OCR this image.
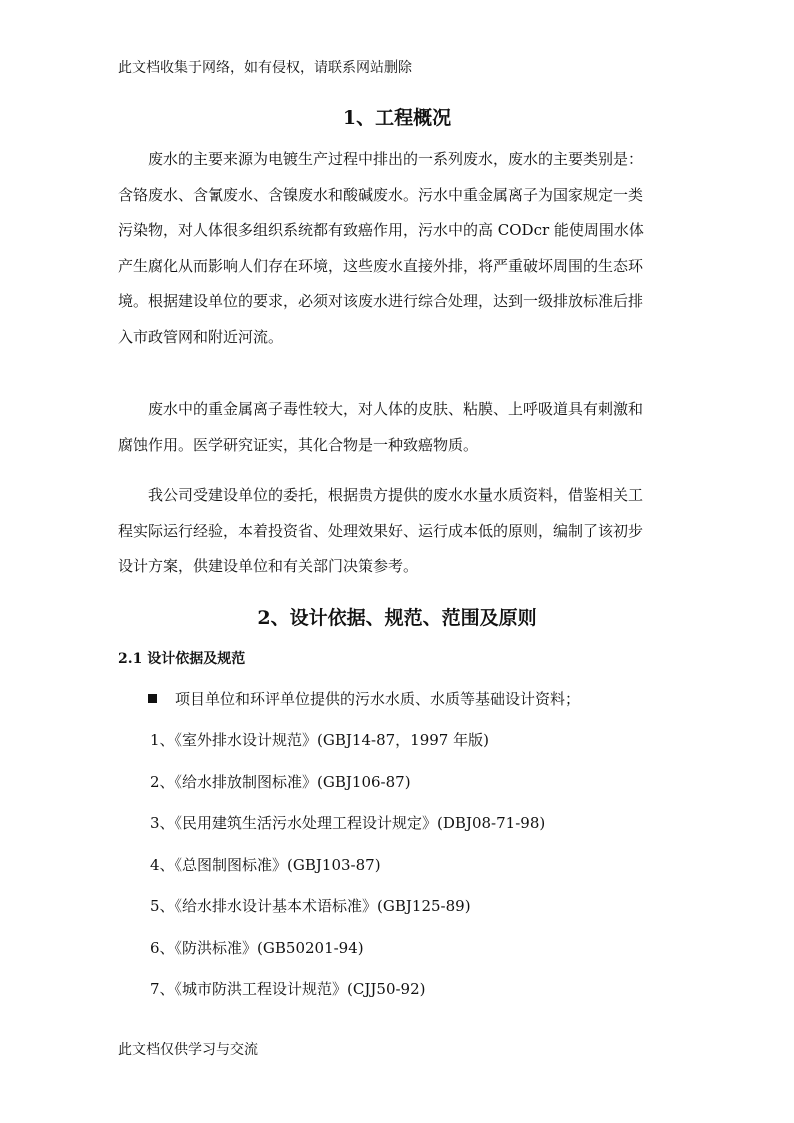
此文档收集于网络，如有侵权，请联系网站删除
1、工程概况
废水的主要来源为电镀生产过程中排出的一系列废水，废水的主要类别是：
含铬废水、含氰废水、含镍废水和酸碱废水。污水中重金属离子为国家规定一类
污染物，对人体很多组织系统都有致癌作用，污水中的高 CODcr 能使周围水体
产生腐化从而影响人们存在环境，这些废水直接外排，将严重破坏周围的生态环
境。根据建设单位的要求，必须对该废水进行综合处理，达到一级排放标准后排
入市政管网和附近河流。
废水中的重金属离子毒性较大，对人体的皮肤、粘膜、上呼吸道具有刺激和
腐蚀作用。医学研究证实，其化合物是一种致癌物质。
我公司受建设单位的委托，根据贵方提供的废水水量水质资料，借鉴相关工
程实际运行经验，本着投资省、处理效果好、运行成本低的原则，编制了该初步
设计方案，供建设单位和有关部门决策参考。
2、设计依据、规范、范围及原则
2.1 设计依据及规范
项目单位和环评单位提供的污水水质、水质等基础设计资料；
1、《室外排水设计规范》(GBJ14-87，1997 年版)
2、《给水排放制图标准》(GBJ106-87)
3、《民用建筑生活污水处理工程设计规定》(DBJ08-71-98)
4、《总图制图标准》(GBJ103-87)
5、《给水排水设计基本术语标准》(GBJ125-89)
6、《防洪标准》(GB50201-94)
7、《城市防洪工程设计规范》(CJJ50-92)
此文档仅供学习与交流
